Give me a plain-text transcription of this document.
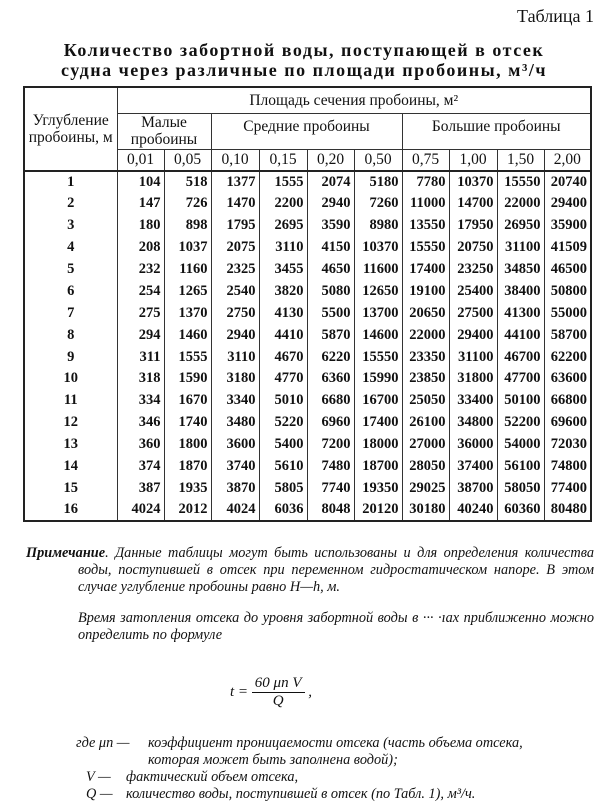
Таблица 1
Количество забортной воды, поступающей в отсек
судна через различные по площади пробоины, м³/ч
Углубление пробоины, м	Площадь сечения пробоины, м²									
	Малые пробоины		Средние пробоины				Большие пробоины			
	0,01	0,05	0,10	0,15	0,20	0,50	0,75	1,00	1,50	2,00
1	104	518	1377	1555	2074	5180	7780	10370	15550	20740
2	147	726	1470	2200	2940	7260	11000	14700	22000	29400
3	180	898	1795	2695	3590	8980	13550	17950	26950	35900
4	208	1037	2075	3110	4150	10370	15550	20750	31100	41509
5	232	1160	2325	3455	4650	11600	17400	23250	34850	46500
6	254	1265	2540	3820	5080	12650	19100	25400	38400	50800
7	275	1370	2750	4130	5500	13700	20650	27500	41300	55000
8	294	1460	2940	4410	5870	14600	22000	29400	44100	58700
9	311	1555	3110	4670	6220	15550	23350	31100	46700	62200
10	318	1590	3180	4770	6360	15990	23850	31800	47700	63600
11	334	1670	3340	5010	6680	16700	25050	33400	50100	66800
12	346	1740	3480	5220	6960	17400	26100	34800	52200	69600
13	360	1800	3600	5400	7200	18000	27000	36000	54000	72030
14	374	1870	3740	5610	7480	18700	28050	37400	56100	74800
15	387	1935	3870	5805	7740	19350	29025	38700	58050	77400
16	4024	2012	4024	6036	8048	20120	30180	40240	60360	80480

Примечание. Данные таблицы могут быть использованы и для определения количества воды, поступившей в отсек при переменном гидростатическом напоре. В этом случае углубление пробоины равно H—h, м.

Время затопления отсека до уровня забортной воды в ··· ·ıах приближенно можно определить по формуле

$t = \frac{\text{60 μn V}}{Q}$ ,
где μn —	коэффициент проницаемости отсека (часть объема отсека,
которая может быть заполнена водой);
V —	фактический объем отсека,
Q — количество воды, поступившей в отсек (по Табл. 1), м³/ч.
